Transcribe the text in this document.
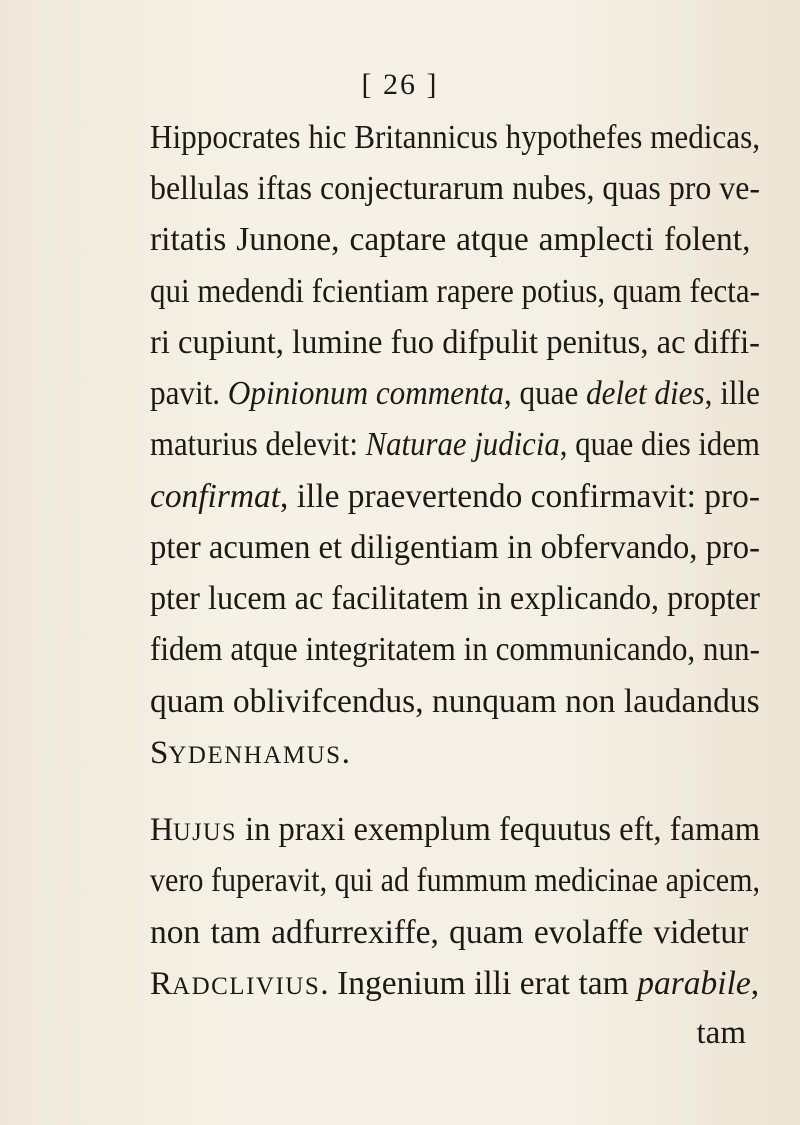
[ 26 ]
Hippocrates hic Britannicus hypothefes medicas,
bellulas iftas conjecturarum nubes, quas pro ve-
ritatis Junone, captare atque amplecti folent,
qui medendi fcientiam rapere potius, quam fecta-
ri cupiunt, lumine fuo difpulit penitus, ac diffi-
pavit. Opinionum commenta, quae delet dies, ille
maturius delevit: Naturae judicia, quae dies idem
confirmat, ille praevertendo confirmavit: pro-
pter acumen et diligentiam in obfervando, pro-
pter lucem ac facilitatem in explicando, propter
fidem atque integritatem in communicando, nun-
quam oblivifcendus, nunquam non laudandus
SYDENHAMUS.
HUJUS in praxi exemplum fequutus eft, famam
vero fuperavit, qui ad fummum medicinae apicem,
non tam adfurrexiffe, quam evolaffe videtur
RADCLIVIUS. Ingenium illi erat tam parabile,
tam
